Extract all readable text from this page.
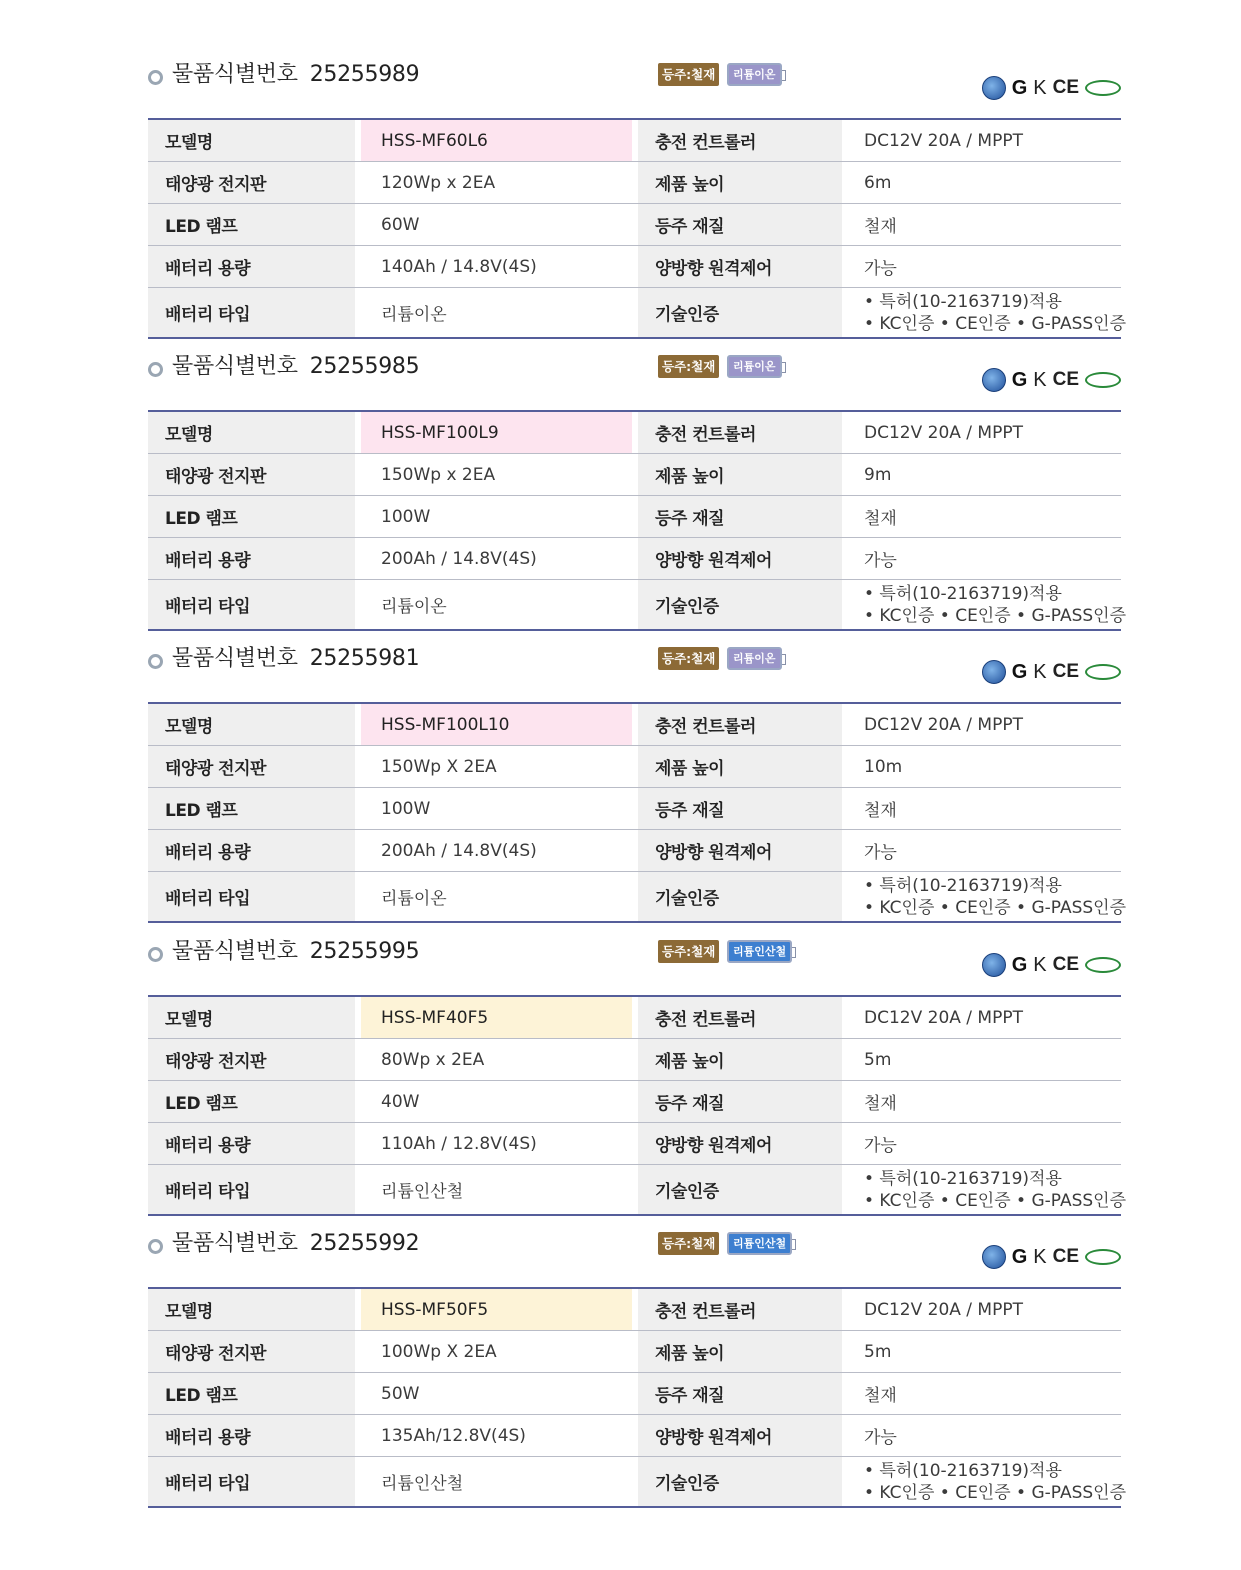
물품식별번호 25255989	등주:철재	리튬이온
G K CE
모델명		HSS-MF60L6		충전 컨트롤러		DC12V 20A / MPPT
태양광 전지판		120Wp x 2EA		제품 높이		6m
LED 램프		60W		등주 재질		철재
배터리 용량		140Ah / 14.8V(4S)		양방향 원격제어		가능
배터리 타입		리튬이온		기술인증		• 특허(10-2163719)적용
• KC인증 • CE인증 • G-PASS인증
물품식별번호 25255985	등주:철재	리튬이온
G K CE
모델명		HSS-MF100L9		충전 컨트롤러		DC12V 20A / MPPT
태양광 전지판		150Wp x 2EA		제품 높이		9m
LED 램프		100W		등주 재질		철재
배터리 용량		200Ah / 14.8V(4S)		양방향 원격제어		가능
배터리 타입		리튬이온		기술인증		• 특허(10-2163719)적용
• KC인증 • CE인증 • G-PASS인증
물품식별번호 25255981	등주:철재	리튬이온
G K CE
모델명		HSS-MF100L10		충전 컨트롤러		DC12V 20A / MPPT
태양광 전지판		150Wp X 2EA		제품 높이		10m
LED 램프		100W		등주 재질		철재
배터리 용량		200Ah / 14.8V(4S)		양방향 원격제어		가능
배터리 타입		리튬이온		기술인증		• 특허(10-2163719)적용
• KC인증 • CE인증 • G-PASS인증
물품식별번호 25255995	등주:철재	리튬인산철
G K CE
모델명		HSS-MF40F5		충전 컨트롤러		DC12V 20A / MPPT
태양광 전지판		80Wp x 2EA		제품 높이		5m
LED 램프		40W		등주 재질		철재
배터리 용량		110Ah / 12.8V(4S)		양방향 원격제어		가능
배터리 타입		리튬인산철		기술인증		• 특허(10-2163719)적용
• KC인증 • CE인증 • G-PASS인증
물품식별번호 25255992	등주:철재	리튬인산철
G K CE
모델명		HSS-MF50F5		충전 컨트롤러		DC12V 20A / MPPT
태양광 전지판		100Wp X 2EA		제품 높이		5m
LED 램프		50W		등주 재질		철재
배터리 용량		135Ah/12.8V(4S)		양방향 원격제어		가능
배터리 타입		리튬인산철		기술인증		• 특허(10-2163719)적용
• KC인증 • CE인증 • G-PASS인증
